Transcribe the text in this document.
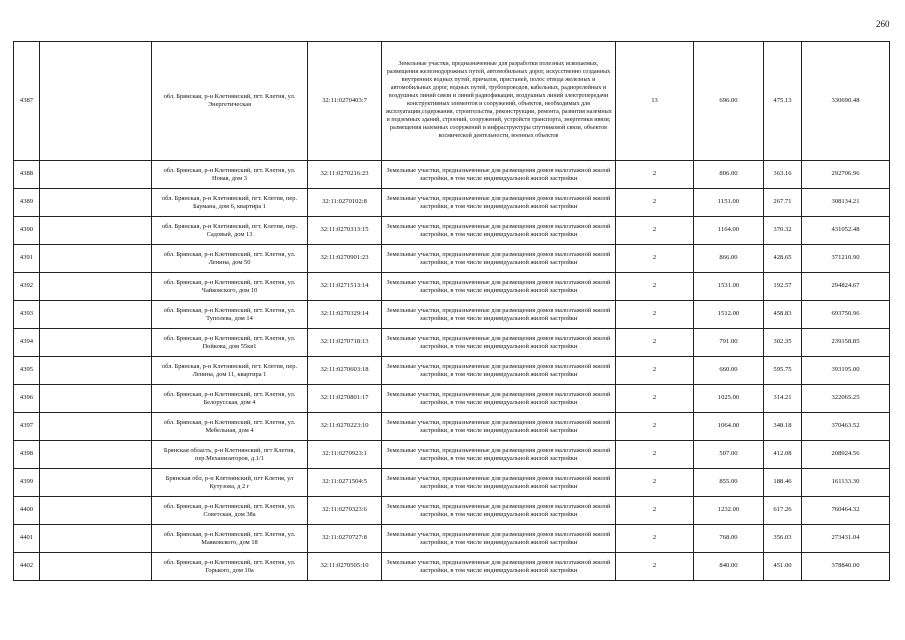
260
4387		обл. Брянская, р-н Клетнянский, пгт. Клетня, ул. Энергетическая	32:11:0270403:7	Земельные участки, предназначенные для разработки полезных ископаемых, размещения железнодорожных путей, автомобильных дорог, искусственно созданных внутренних водных путей, причалов, пристаней, полос отвода железных и автомобильных дорог, водных путей, трубопроводов, кабельных, радиорелейных и воздушных линий связи и линий радиофикации, воздушных линий электропередачи конструктивных элементов и сооружений, объектов, необходимых для эксплуатации,содержания, строительства, реконструкции, ремонта, развития наземных и подземных зданий, строений, сооружений, устройств транспорта, энергетики ивязи; размещения наземных сооружений и инфраструктуры спутниковой связи, объектов космической деятельности, военных объектов	13	696.00	475.13	330690.48
4388		обл. Брянская, р-н Клетнянский, пгт. Клетня, ул. Новая, дом 3	32:11:0270216:23	Земельные участки, предназначенные для размещения домов малоэтажной жилой застройки, в том числе индивидуальной жилой застройки	2	806.00	363.16	292706.96
4389		обл. Брянская, р-н Клетнянский, пгт. Клетня, пер. Баумана, дом 6, квартира 1	32:11:0270102:8	Земельные участки, предназначенные для размещения домов малоэтажной жилой застройки, в том числе индивидуальной жилой застройки	2	1151.00	267.71	308134.21
4390		обл. Брянская, р-н Клетнянский, пгт. Клетня, пер. Садовый, дом 13	32:11:0270313:15	Земельные участки, предназначенные для размещения домов малоэтажной жилой застройки, в том числе индивидуальной жилой застройки	2	1164.00	370.32	431052.48
4391		обл. Брянская, р-н Клетнянский, пгт. Клетня, ул. Ленина, дом 50	32:11:0270901:23	Земельные участки, предназначенные для размещения домов малоэтажной жилой застройки, в том числе индивидуальной жилой застройки	2	866.00	428.65	371210.90
4392		обл. Брянская, р-н Клетнянский, пгт. Клетня, ул. Чайковского, дом 10	32:11:0271513:14	Земельные участки, предназначенные для размещения домов малоэтажной жилой застройки, в том числе индивидуальной жилой застройки	2	1531.00	192.57	294824.67
4393		обл. Брянская, р-н Клетнянский, пгт. Клетня, ул. Туполева, дом 14	32:11:0270329:14	Земельные участки, предназначенные для размещения домов малоэтажной жилой застройки, в том числе индивидуальной жилой застройки	2	1512.00	458.83	693750.96
4394		обл. Брянская, р-н Клетнянский, пгт. Клетня, ул. Пойкова, дом 55кв1	32:11:0270718:13	Земельные участки, предназначенные для размещения домов малоэтажной жилой застройки, в том числе индивидуальной жилой застройки	2	791.00	302.35	239158.85
4395		обл. Брянская, р-н Клетнянский, пгт. Клетня, пер. Ленина, дом 11, квартира 1	32:11:0270603:18	Земельные участки, предназначенные для размещения домов малоэтажной жилой застройки, в том числе индивидуальной жилой застройки	2	660.00	595.75	393195.00
4396		обл. Брянская, р-н Клетнянский, пгт. Клетня, ул. Белорусская, дом 4	32:11:0270801:17	Земельные участки, предназначенные для размещения домов малоэтажной жилой застройки, в том числе индивидуальной жилой застройки	2	1025.00	314.21	322065.25
4397		обл. Брянская, р-н Клетнянский, пгт. Клетня, ул. Мебельная, дом 4	32:11:0270223:10	Земельные участки, предназначенные для размещения домов малоэтажной жилой застройки, в том числе индивидуальной жилой застройки	2	1064.00	348.18	370463.52
4398		Брянская область, р-н Клетнянский, пгт Клетня, пер.Механизаторов, д.1/1	32:11:0270923:1	Земельные участки, предназначенные для размещения домов малоэтажной жилой застройки, в том числе индивидуальной жилой застройки	2	507.00	412.08	208924.56
4399		Брянская обл, р-н Клетнянский, пгт Клетня, ул Кутузова, д 2 г	32:11:0271504:5	Земельные участки, предназначенные для размещения домов малоэтажной жилой застройки, в том числе индивидуальной жилой застройки	2	855.00	188.46	161133.30
4400		обл. Брянская, р-н Клетнянский, пгт. Клетня, ул. Советская, дом 38а	32:11:0270323:6	Земельные участки, предназначенные для размещения домов малоэтажной жилой застройки, в том числе индивидуальной жилой застройки	2	1232.00	617.26	760464.32
4401		обл. Брянская, р-н Клетнянский, пгт. Клетня, ул. Маяковского, дом 18	32:11:0270727:8	Земельные участки, предназначенные для размещения домов малоэтажной жилой застройки, в том числе индивидуальной жилой застройки	2	768.00	356.03	273431.04
4402		обл. Брянская, р-н Клетнянский, пгт. Клетня, ул. Горького, дом 10а	32:11:0270505:10	Земельные участки, предназначенные для размещения домов малоэтажной жилой застройки, в том числе индивидуальной жилой застройки	2	840.00	451.00	378840.00
